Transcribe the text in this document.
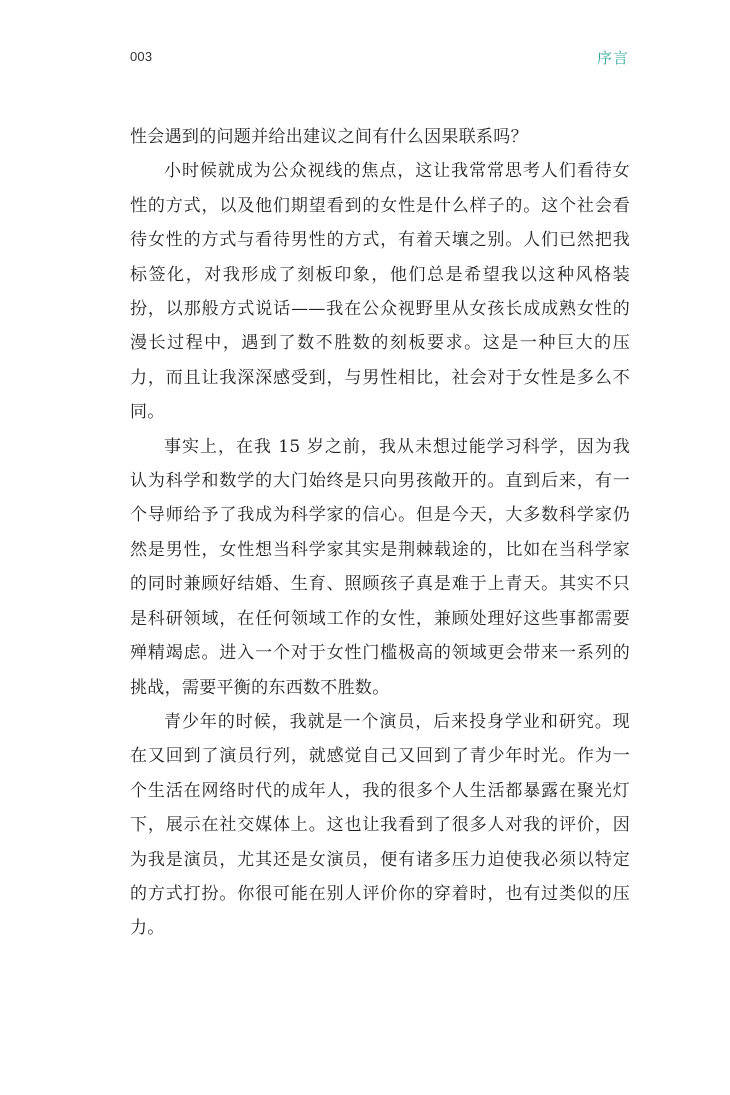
003	序言

性会遇到的问题并给出建议之间有什么因果联系吗？

小时候就成为公众视线的焦点，这让我常常思考人们看待女性的方式，以及他们期望看到的女性是什么样子的。这个社会看待女性的方式与看待男性的方式，有着天壤之别。人们已然把我标签化，对我形成了刻板印象，他们总是希望我以这种风格装扮，以那般方式说话——我在公众视野里从女孩长成成熟女性的漫长过程中，遇到了数不胜数的刻板要求。这是一种巨大的压力，而且让我深深感受到，与男性相比，社会对于女性是多么不同。

事实上，在我 15 岁之前，我从未想过能学习科学，因为我认为科学和数学的大门始终是只向男孩敞开的。直到后来，有一个导师给予了我成为科学家的信心。但是今天，大多数科学家仍然是男性，女性想当科学家其实是荆棘载途的，比如在当科学家的同时兼顾好结婚、生育、照顾孩子真是难于上青天。其实不只是科研领域，在任何领域工作的女性，兼顾处理好这些事都需要殚精竭虑。进入一个对于女性门槛极高的领域更会带来一系列的挑战，需要平衡的东西数不胜数。

青少年的时候，我就是一个演员，后来投身学业和研究。现在又回到了演员行列，就感觉自己又回到了青少年时光。作为一个生活在网络时代的成年人，我的很多个人生活都暴露在聚光灯下，展示在社交媒体上。这也让我看到了很多人对我的评价，因为我是演员，尤其还是女演员，便有诸多压力迫使我必须以特定的方式打扮。你很可能在别人评价你的穿着时，也有过类似的压力。
